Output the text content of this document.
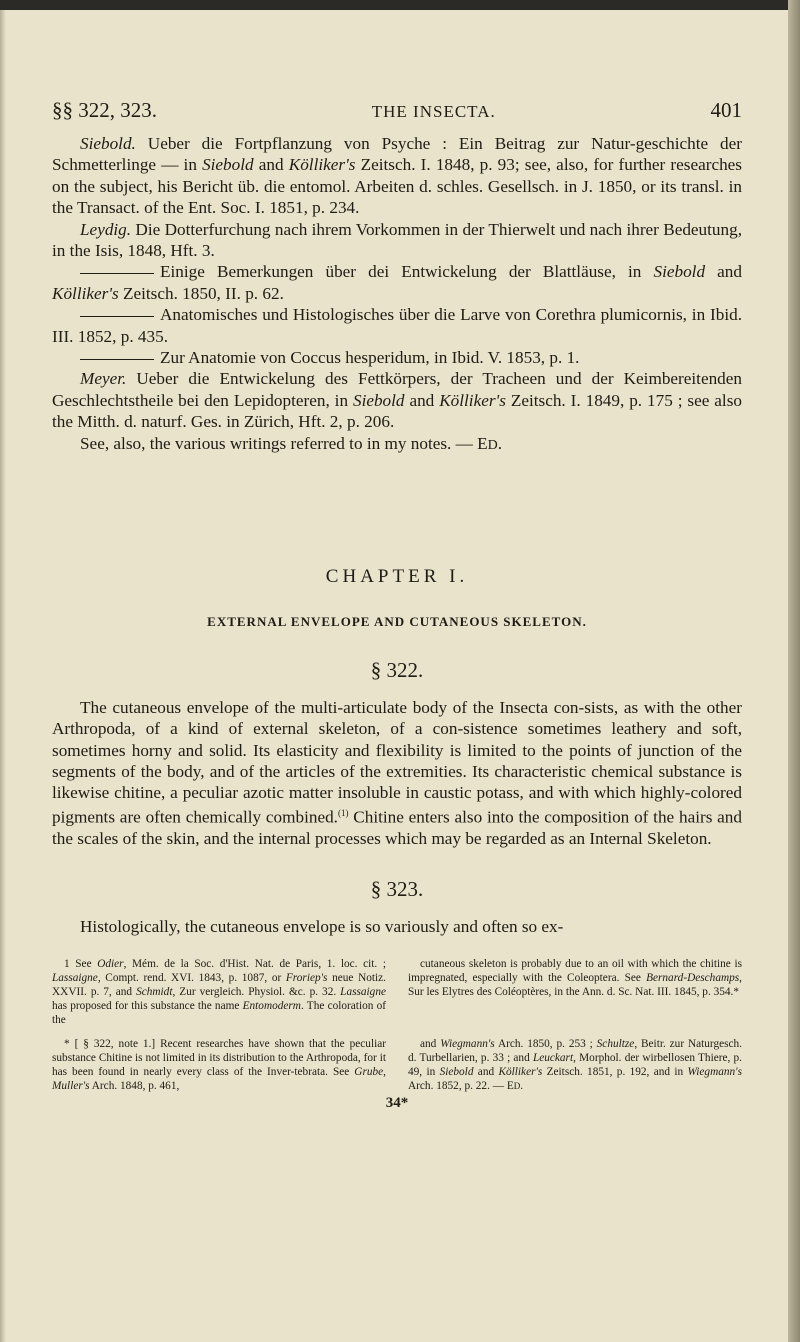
§§ 322, 323.	THE INSECTA.	401

Siebold. Ueber die Fortpflanzung von Psyche : Ein Beitrag zur Natur-geschichte der Schmetterlinge — in Siebold and Kölliker's Zeitsch. I. 1848, p. 93; see, also, for further researches on the subject, his Bericht üb. die entomol. Arbeiten d. schles. Gesellsch. in J. 1850, or its transl. in the Transact. of the Ent. Soc. I. 1851, p. 234.

Leydig. Die Dotterfurchung nach ihrem Vorkommen in der Thierwelt und nach ihrer Bedeutung, in the Isis, 1848, Hft. 3.

Einige Bemerkungen über dei Entwickelung der Blattläuse, in Siebold and Kölliker's Zeitsch. 1850, II. p. 62.

Anatomisches und Histologisches über die Larve von Corethra plumicornis, in Ibid. III. 1852, p. 435.

Zur Anatomie von Coccus hesperidum, in Ibid. V. 1853, p. 1.

Meyer. Ueber die Entwickelung des Fettkörpers, der Tracheen und der Keimbereitenden Geschlechtstheile bei den Lepidopteren, in Siebold and Kölliker's Zeitsch. I. 1849, p. 175 ; see also the Mitth. d. naturf. Ges. in Zürich, Hft. 2, p. 206.

See, also, the various writings referred to in my notes. — ED.

CHAPTER I.
EXTERNAL ENVELOPE AND CUTANEOUS SKELETON.
§ 322.

The cutaneous envelope of the multi-articulate body of the Insecta con-sists, as with the other Arthropoda, of a kind of external skeleton, of a con-sistence sometimes leathery and soft, sometimes horny and solid. Its elasticity and flexibility is limited to the points of junction of the segments of the body, and of the articles of the extremities. Its characteristic chemical substance is likewise chitine, a peculiar azotic matter insoluble in caustic potass, and with which highly-colored pigments are often chemically combined.$^{(1)}$ Chitine enters also into the composition of the hairs and the scales of the skin, and the internal processes which may be regarded as an Internal Skeleton.

§ 323.

Histologically, the cutaneous envelope is so variously and often so ex-

1 See Odier, Mém. de la Soc. d'Hist. Nat. de Paris, 1. loc. cit. ; Lassaigne, Compt. rend. XVI. 1843, p. 1087, or Froriep's neue Notiz. XXVII. p. 7, and Schmidt, Zur vergleich. Physiol. &c. p. 32. Lassaigne has proposed for this substance the name Entomoderm. The coloration of the

cutaneous skeleton is probably due to an oil with which the chitine is impregnated, especially with the Coleoptera. See Bernard-Deschamps, Sur les Elytres des Coléoptères, in the Ann. d. Sc. Nat. III. 1845, p. 354.*

* [ § 322, note 1.] Recent researches have shown that the peculiar substance Chitine is not limited in its distribution to the Arthropoda, for it has been found in nearly every class of the Inver-tebrata. See Grube, Muller's Arch. 1848, p. 461,

and Wiegmann's Arch. 1850, p. 253 ; Schultze, Beitr. zur Naturgesch. d. Turbellarien, p. 33 ; and Leuckart, Morphol. der wirbellosen Thiere, p. 49, in Siebold and Kölliker's Zeitsch. 1851, p. 192, and in Wiegmann's Arch. 1852, p. 22. — ED.

34*
